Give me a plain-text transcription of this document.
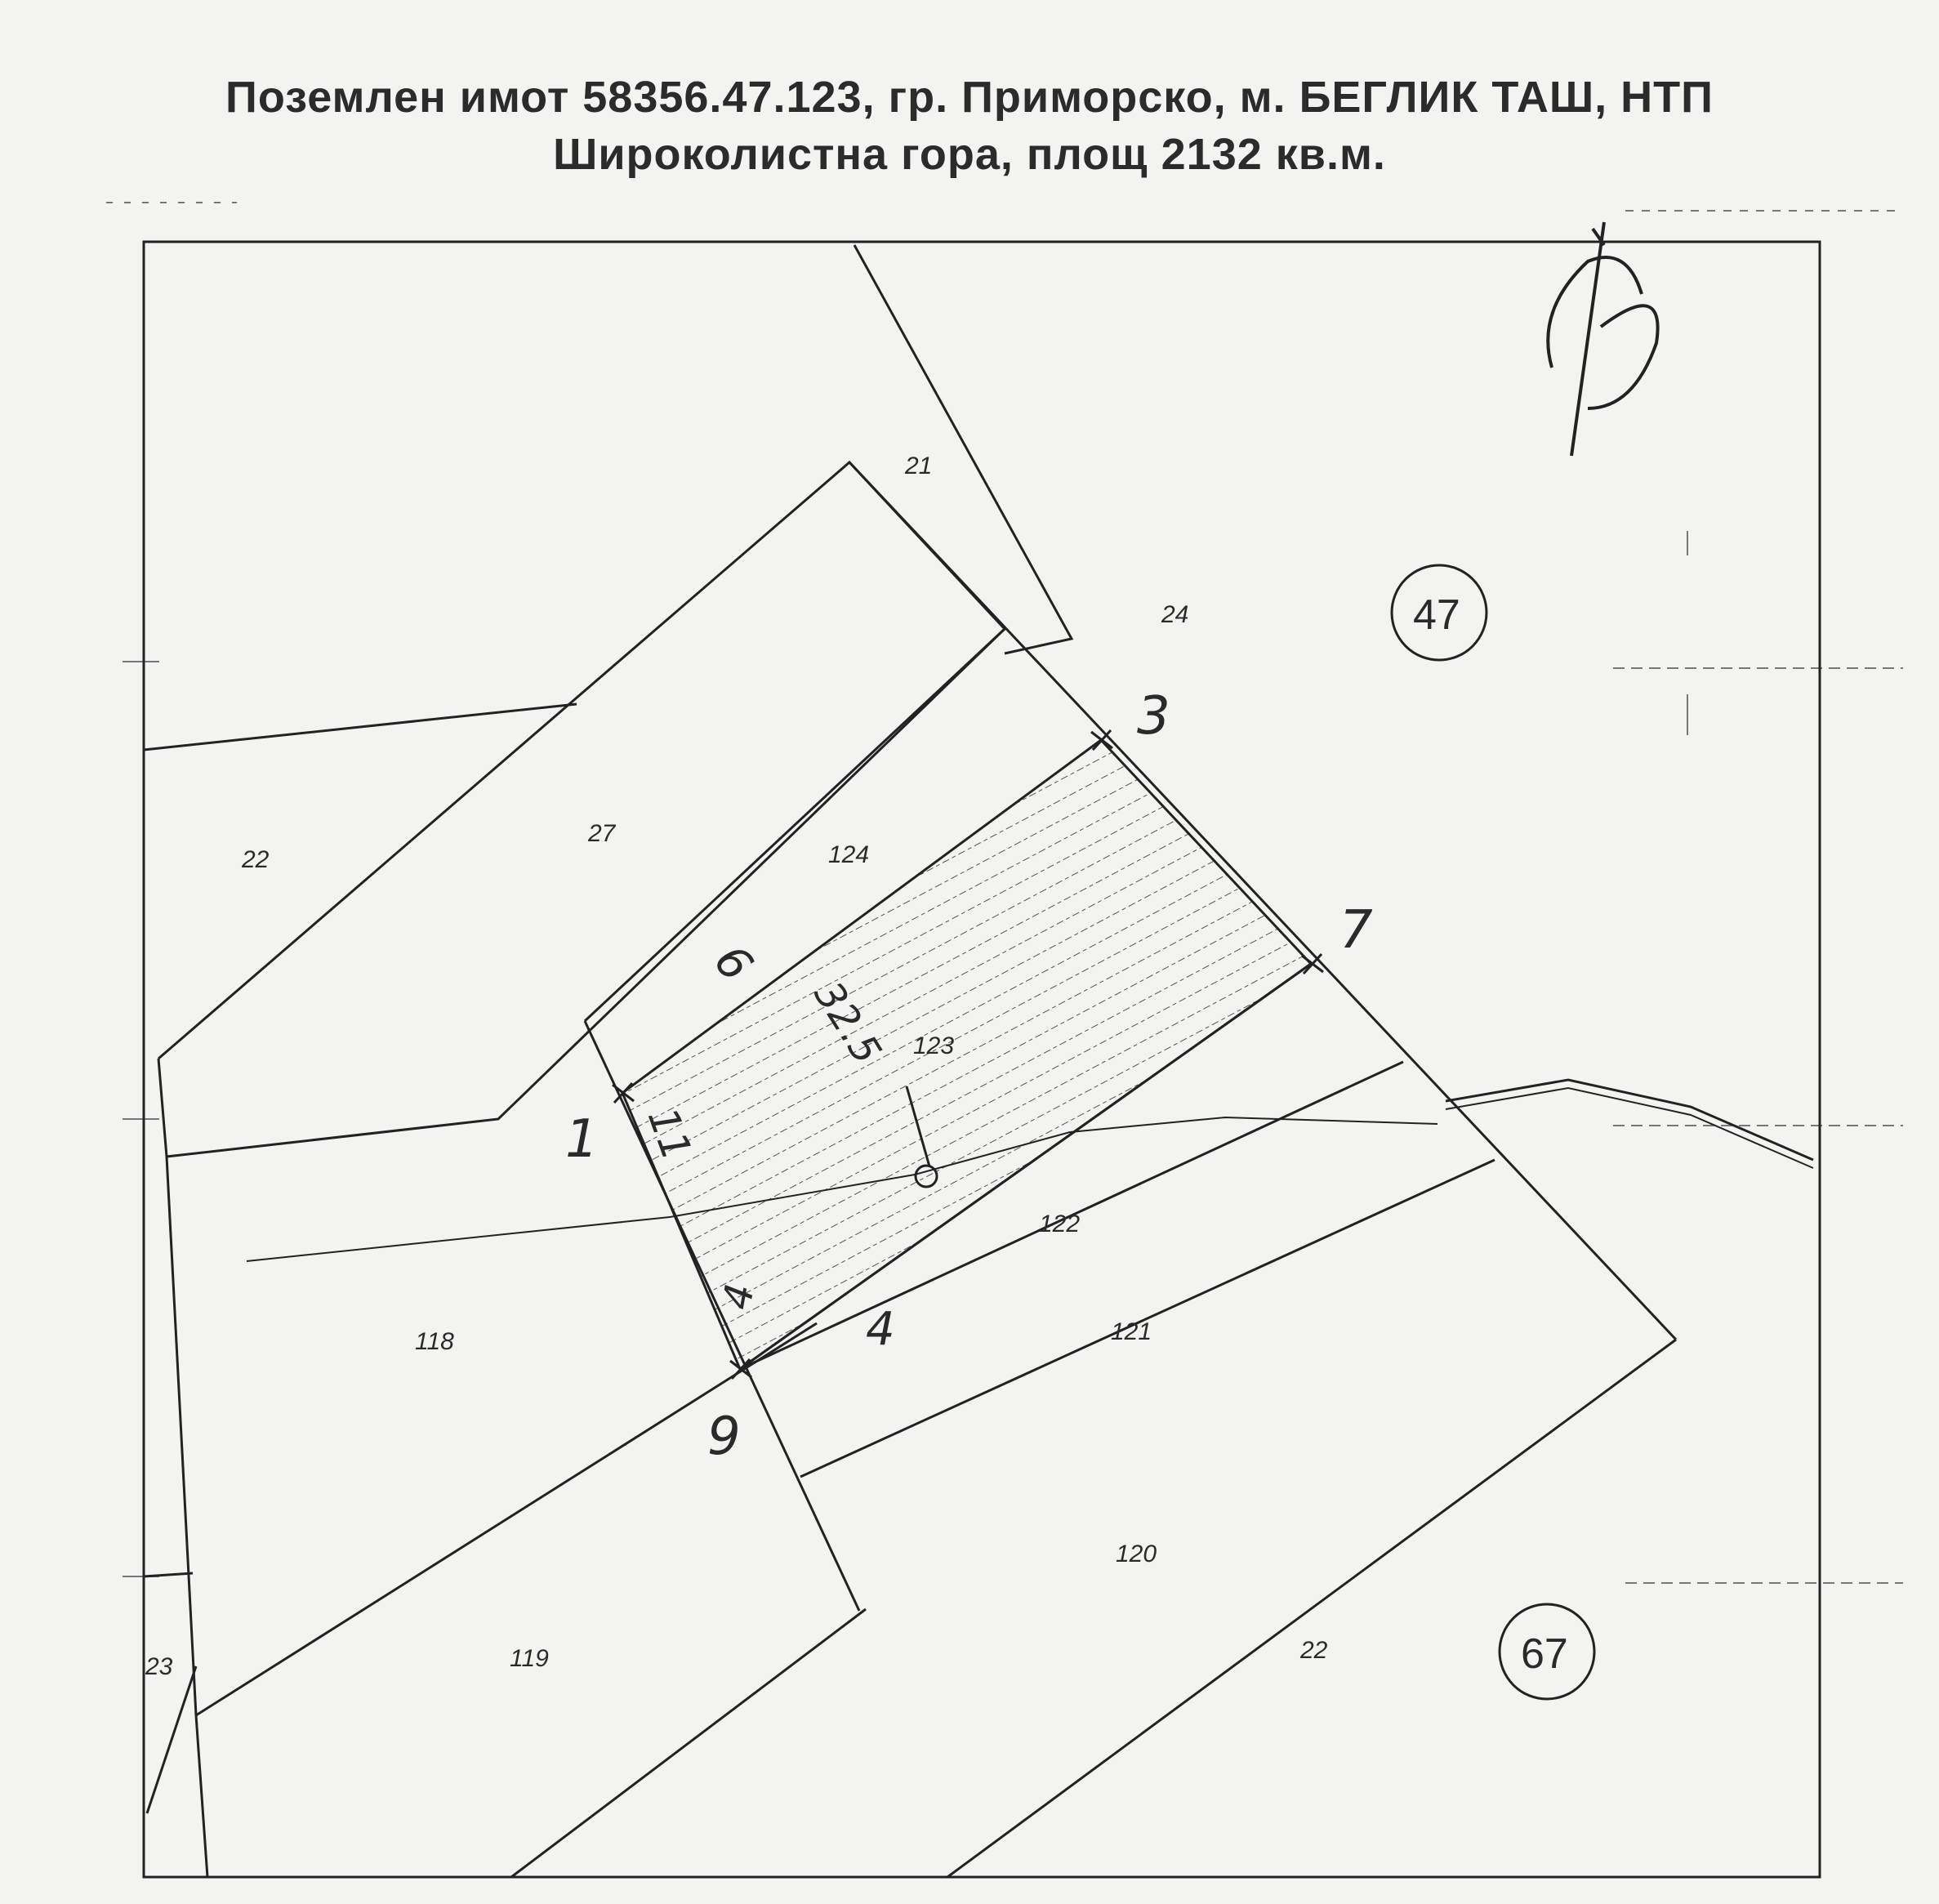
Поземлен имот 58356.47.123, гр. Приморско, м. БЕГЛИК ТАШ, НТП
Широколистна гора, площ 2132 кв.м.
21
24
27
124
22
123
122
118	121
120
119	22
23
47
67
1
3
7
9
11
4
4
6
32.5
